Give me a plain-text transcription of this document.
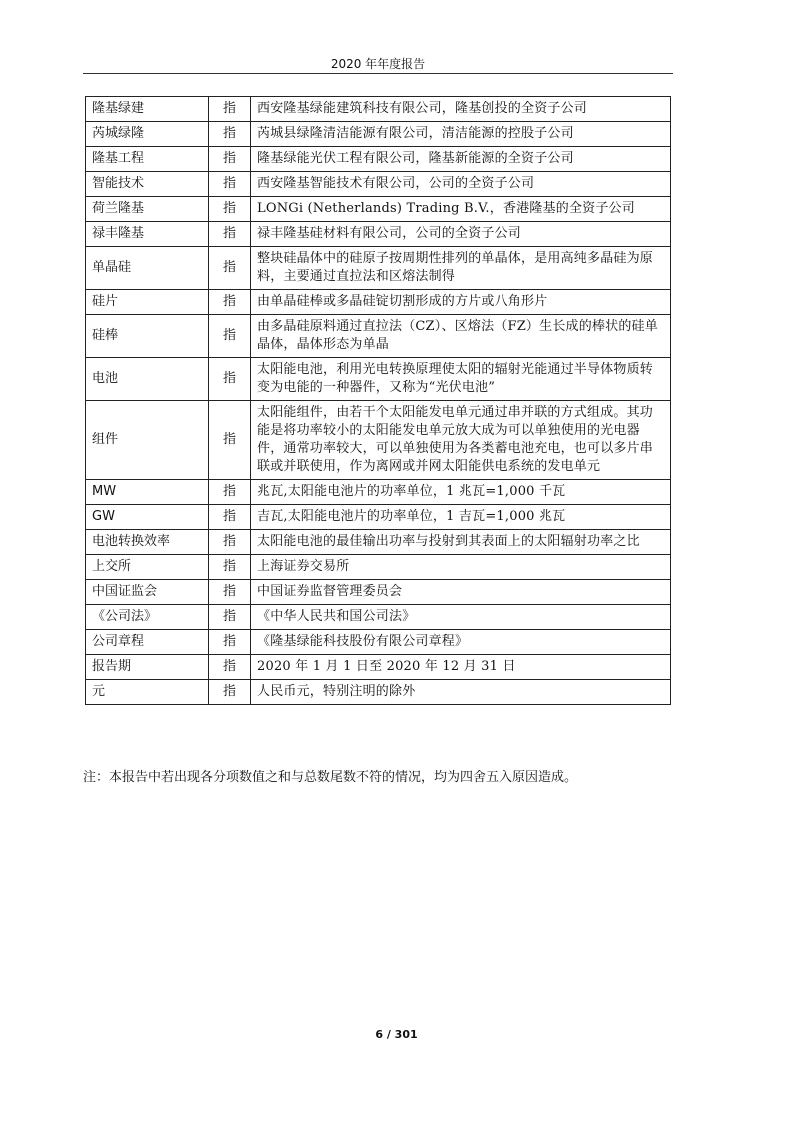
2020 年年度报告
隆基绿建	指	西安隆基绿能建筑科技有限公司，隆基创投的全资子公司
芮城绿隆	指	芮城县绿隆清洁能源有限公司，清洁能源的控股子公司
隆基工程	指	隆基绿能光伏工程有限公司，隆基新能源的全资子公司
智能技术	指	西安隆基智能技术有限公司，公司的全资子公司
荷兰隆基	指	LONGi (Netherlands) Trading B.V.，香港隆基的全资子公司
禄丰隆基	指	禄丰隆基硅材料有限公司，公司的全资子公司
单晶硅	指	整块硅晶体中的硅原子按周期性排列的单晶体，是用高纯多晶硅为原料，主要通过直拉法和区熔法制得
硅片	指	由单晶硅棒或多晶硅锭切割形成的方片或八角形片
硅棒	指	由多晶硅原料通过直拉法（CZ）、区熔法（FZ）生长成的棒状的硅单晶体，晶体形态为单晶
电池	指	太阳能电池，利用光电转换原理使太阳的辐射光能通过半导体物质转变为电能的一种器件，又称为“光伏电池”
组件	指	太阳能组件，由若干个太阳能发电单元通过串并联的方式组成。其功能是将功率较小的太阳能发电单元放大成为可以单独使用的光电器件，通常功率较大，可以单独使用为各类蓄电池充电，也可以多片串联或并联使用，作为离网或并网太阳能供电系统的发电单元
MW	指	兆瓦,太阳能电池片的功率单位，1 兆瓦=1,000 千瓦
GW	指	吉瓦,太阳能电池片的功率单位，1 吉瓦=1,000 兆瓦
电池转换效率	指	太阳能电池的最佳输出功率与投射到其表面上的太阳辐射功率之比
上交所	指	上海证券交易所
中国证监会	指	中国证券监督管理委员会
《公司法》	指	《中华人民共和国公司法》
公司章程	指	《隆基绿能科技股份有限公司章程》
报告期	指	2020 年 1 月 1 日至 2020 年 12 月 31 日
元	指	人民币元，特别注明的除外
注：本报告中若出现各分项数值之和与总数尾数不符的情况，均为四舍五入原因造成。
6 / 301
